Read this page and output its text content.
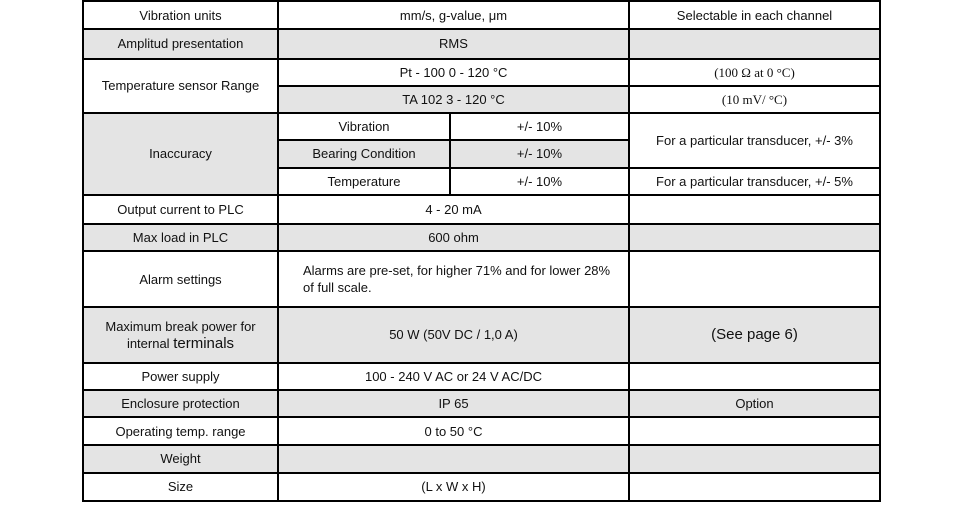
Vibration units	mm/s, g-value, μm		Selectable in each channel
Amplitud presentation	RMS		
Temperature sensor Range	Pt - 100 0 - 120 °C		(100 Ω at 0 °C)
	TA 102 3 - 120 °C		(10 mV/ °C)
Inaccuracy	Vibration	+/- 10%	For a particular transducer, +/- 3%
	Bearing Condition	+/- 10%	
	Temperature	+/- 10%	For a particular transducer, +/- 5%
Output current to PLC	4 - 20 mA		
Max load in PLC	600 ohm		
Alarm settings	Alarms are pre-set, for higher 71% and for lower 28% of full scale.		
Maximum break power for internal terminals	50 W (50V DC / 1,0 A)		(See page 6)
Power supply	100 - 240 V AC or 24 V AC/DC		
Enclosure protection	IP 65		Option
Operating temp. range	0 to 50 °C		
Weight			
Size	(L x W x H)		
